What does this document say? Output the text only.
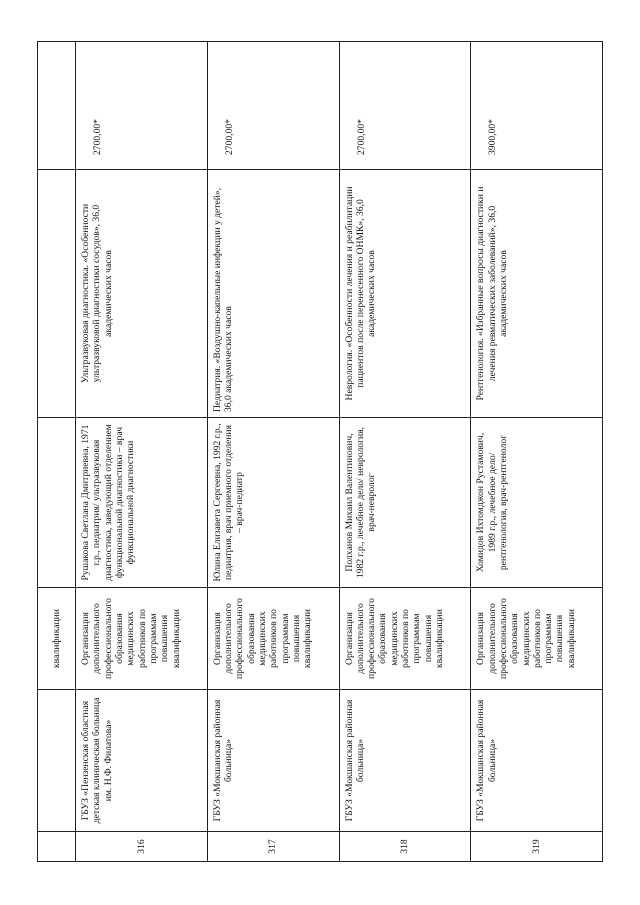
		квалификации			
316	ГБУЗ «Пензенская областная детская клиническая больница им. Н.Ф. Филатова»	Организация дополнительного профессионального образования медицинских работников по программам повышения квалификации	Рушакова Светлана Дмитриевна, 1971 г.р., педиатрия/ ультразвуковая диагностика, заведующий отделением функциональной диагностики – врач функциональной диагностики	Ультразвуковая диагностика. «Особенности ультразвуковой диагностики сосудов», 36,0 академических часов	2700,00*
317	ГБУЗ «Мокшанская районная больница»	Организация дополнительного профессионального образования медицинских работников по программам повышения квалификации	Юлина Елизавета Сергеевна, 1992 г.р., педиатрия, врач приемного отделения – врач-педиатр	Педиатрия. «Воздушно-капельные инфекции у детей», 36,0 академических часов	2700,00*
318	ГБУЗ «Мокшанская районная больница»	Организация дополнительного профессионального образования медицинских работников по программам повышения квалификации	Полханов Михаил Валентинович, 1982 г.р., лечебное дело/ неврология, врач-невролог	Неврология. «Особенности лечения и реабилитации пациентов после перенесенного ОНМК», 36,0 академических часов	2700,00*
319	ГБУЗ «Мокшанская районная больница»	Организация дополнительного профессионального образования медицинских работников по программам повышения квалификации	Хомидов Ихтомджон Рустамович, 1989 г.р., лечебное дело/ рентгенология, врач-рентгенолог	Рентгенология. «Избранные вопросы диагностики и лечения ревматических заболеваний», 36,0 академических часов	3900,00*
